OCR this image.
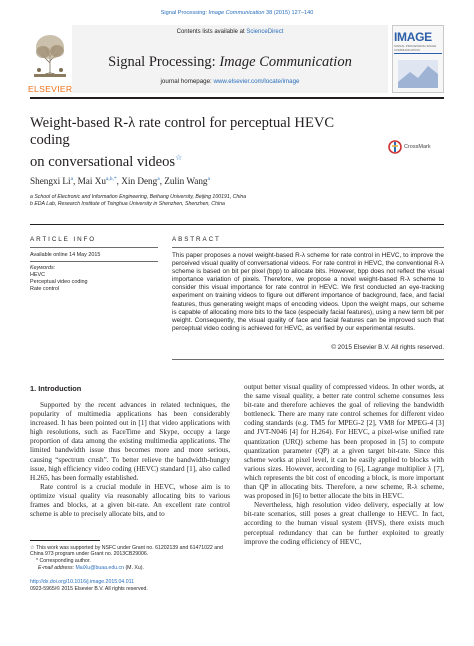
Signal Processing: Image Communication 38 (2015) 127–140
ELSEVIER
Contents lists available at ScienceDirect
Signal Processing: Image Communication
journal homepage: www.elsevier.com/locate/image
IMAGE
SIGNAL PROCESSING IMAGE COMMUNICATION
Weight-based R-λ rate control for perceptual HEVC coding
on conversational videos☆
CrossMark
Shengxi Li$^a$, Mai $Xu^{a,b,*}$, Xin Deng$^a$, Zulin Wang$^a$
a School of Electronic and Information Engineering, Beihang University, Beijing 100191, China
b EDA Lab, Research Institute of Tsinghua University in Shenzhen, Shenzhen, China
ARTICLE INFO
Available online 14 May 2015
Keywords:
HEVC
Perceptual video coding
Rate control
ABSTRACT
This paper proposes a novel weight-based R-λ scheme for rate control in HEVC, to improve the perceived visual quality of conversational videos. For rate control in HEVC, the conventional R-λ scheme is based on bit per pixel (bpp) to allocate bits. However, bpp does not reflect the visual importance variation of pixels. Therefore, we propose a novel weight-based R-λ scheme to consider this visual importance for rate control in HEVC. We first conducted an eye-tracking experiment on training videos to figure out different importance of background, face, and facial features, thus generating weight maps of encoding videos. Upon the weight maps, our scheme is capable of allocating more bits to the face (especially facial features), using a new term bit per weight. Consequently, the visual quality of face and facial features can be improved such that perceptual video coding is achieved for HEVC, as verified by our experimental results.
© 2015 Elsevier B.V. All rights reserved.
1. Introduction

Supported by the recent advances in related techniques, the popularity of multimedia applications has been considerably increased. It has been pointed out in [1] that video applications with high resolutions, such as FaceTime and Skype, occupy a large proportion of data among the existing multimedia applications. The limited bandwidth issue thus becomes more and more serious, causing “spectrum crush”. To better relieve the bandwidth-hungry issue, high efficiency video coding (HEVC) standard [1], also called H.265, has been formally established.

Rate control is a crucial module in HEVC, whose aim is to optimize visual quality via reasonably allocating bits to various frames and blocks, at a given bit-rate. An excellent rate control scheme is able to precisely allocate bits, and to

output better visual quality of compressed videos. In other words, at the same visual quality, a better rate control scheme consumes less bit-rate and therefore achieves the goal of relieving the bandwidth bottleneck. There are many rate control schemes for different video coding standards (e.g. TM5 for MPEG-2 [2], VM8 for MPEG-4 [3] and JVT-N046 [4] for H.264). For HEVC, a pixel-wise unified rate quantization (URQ) scheme has been proposed in [5] to compute quantization parameter (QP) at a given target bit-rate. Since this scheme works at pixel level, it can be easily applied to blocks with various sizes. However, according to [6], Lagrange multiplier λ [7], which represents the bit cost of encoding a block, is more important than QP in allocating bits. Therefore, a new scheme, R-λ scheme, was proposed in [6] to better allocate the bits in HEVC.

Nevertheless, high resolution video delivery, especially at low bit-rate scenarios, still poses a great challenge to HEVC. In fact, according to the human visual system (HVS), there exists much perceptual redundancy that can be further exploited to greatly improve the coding efficiency of HEVC,

☆ This work was supported by NSFC under Grant no. 61202139 and 61471022 and China 973 program under Grant no. 2013CB29006.
* Corresponding author.
E-mail address: MaiXu@buaa.edu.cn (M. Xu).
http://dx.doi.org/10.1016/j.image.2015.04.011
0923-5965/© 2015 Elsevier B.V. All rights reserved.
